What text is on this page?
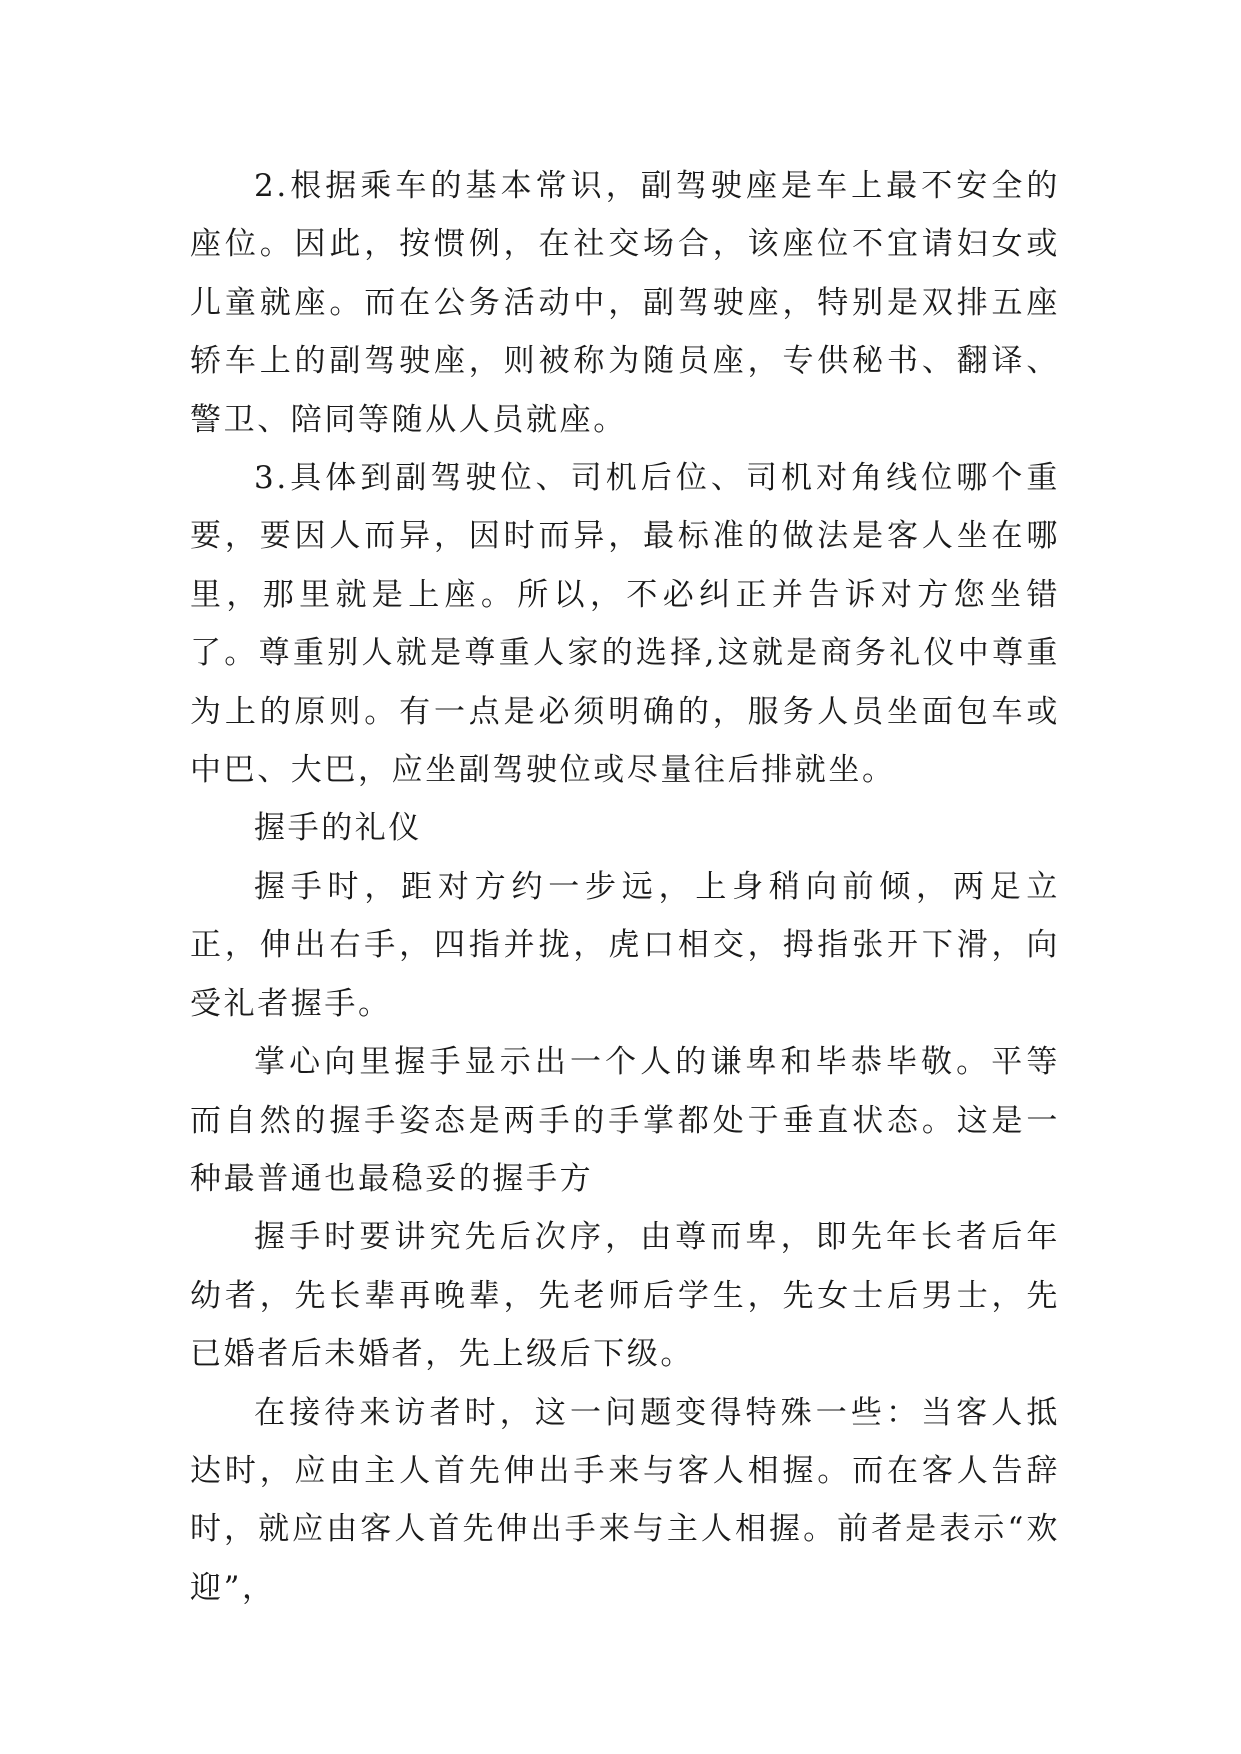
2.根据乘车的基本常识，副驾驶座是车上最不安全的座位。因此，按惯例，在社交场合，该座位不宜请妇女或儿童就座。而在公务活动中，副驾驶座，特别是双排五座轿车上的副驾驶座，则被称为随员座，专供秘书、翻译、警卫、陪同等随从人员就座。

3.具体到副驾驶位、司机后位、司机对角线位哪个重要，要因人而异，因时而异，最标准的做法是客人坐在哪里，那里就是上座。所以，不必纠正并告诉对方您坐错了。尊重别人就是尊重人家的选择,这就是商务礼仪中尊重为上的原则。有一点是必须明确的，服务人员坐面包车或中巴、大巴，应坐副驾驶位或尽量往后排就坐。

握手的礼仪

握手时，距对方约一步远，上身稍向前倾，两足立正，伸出右手，四指并拢，虎口相交，拇指张开下滑，向受礼者握手。

掌心向里握手显示出一个人的谦卑和毕恭毕敬。平等而自然的握手姿态是两手的手掌都处于垂直状态。这是一种最普通也最稳妥的握手方

握手时要讲究先后次序，由尊而卑，即先年长者后年幼者，先长辈再晚辈，先老师后学生，先女士后男士，先已婚者后未婚者，先上级后下级。

在接待来访者时，这一问题变得特殊一些：当客人抵达时，应由主人首先伸出手来与客人相握。而在客人告辞时，就应由客人首先伸出手来与主人相握。前者是表示“欢迎”，
